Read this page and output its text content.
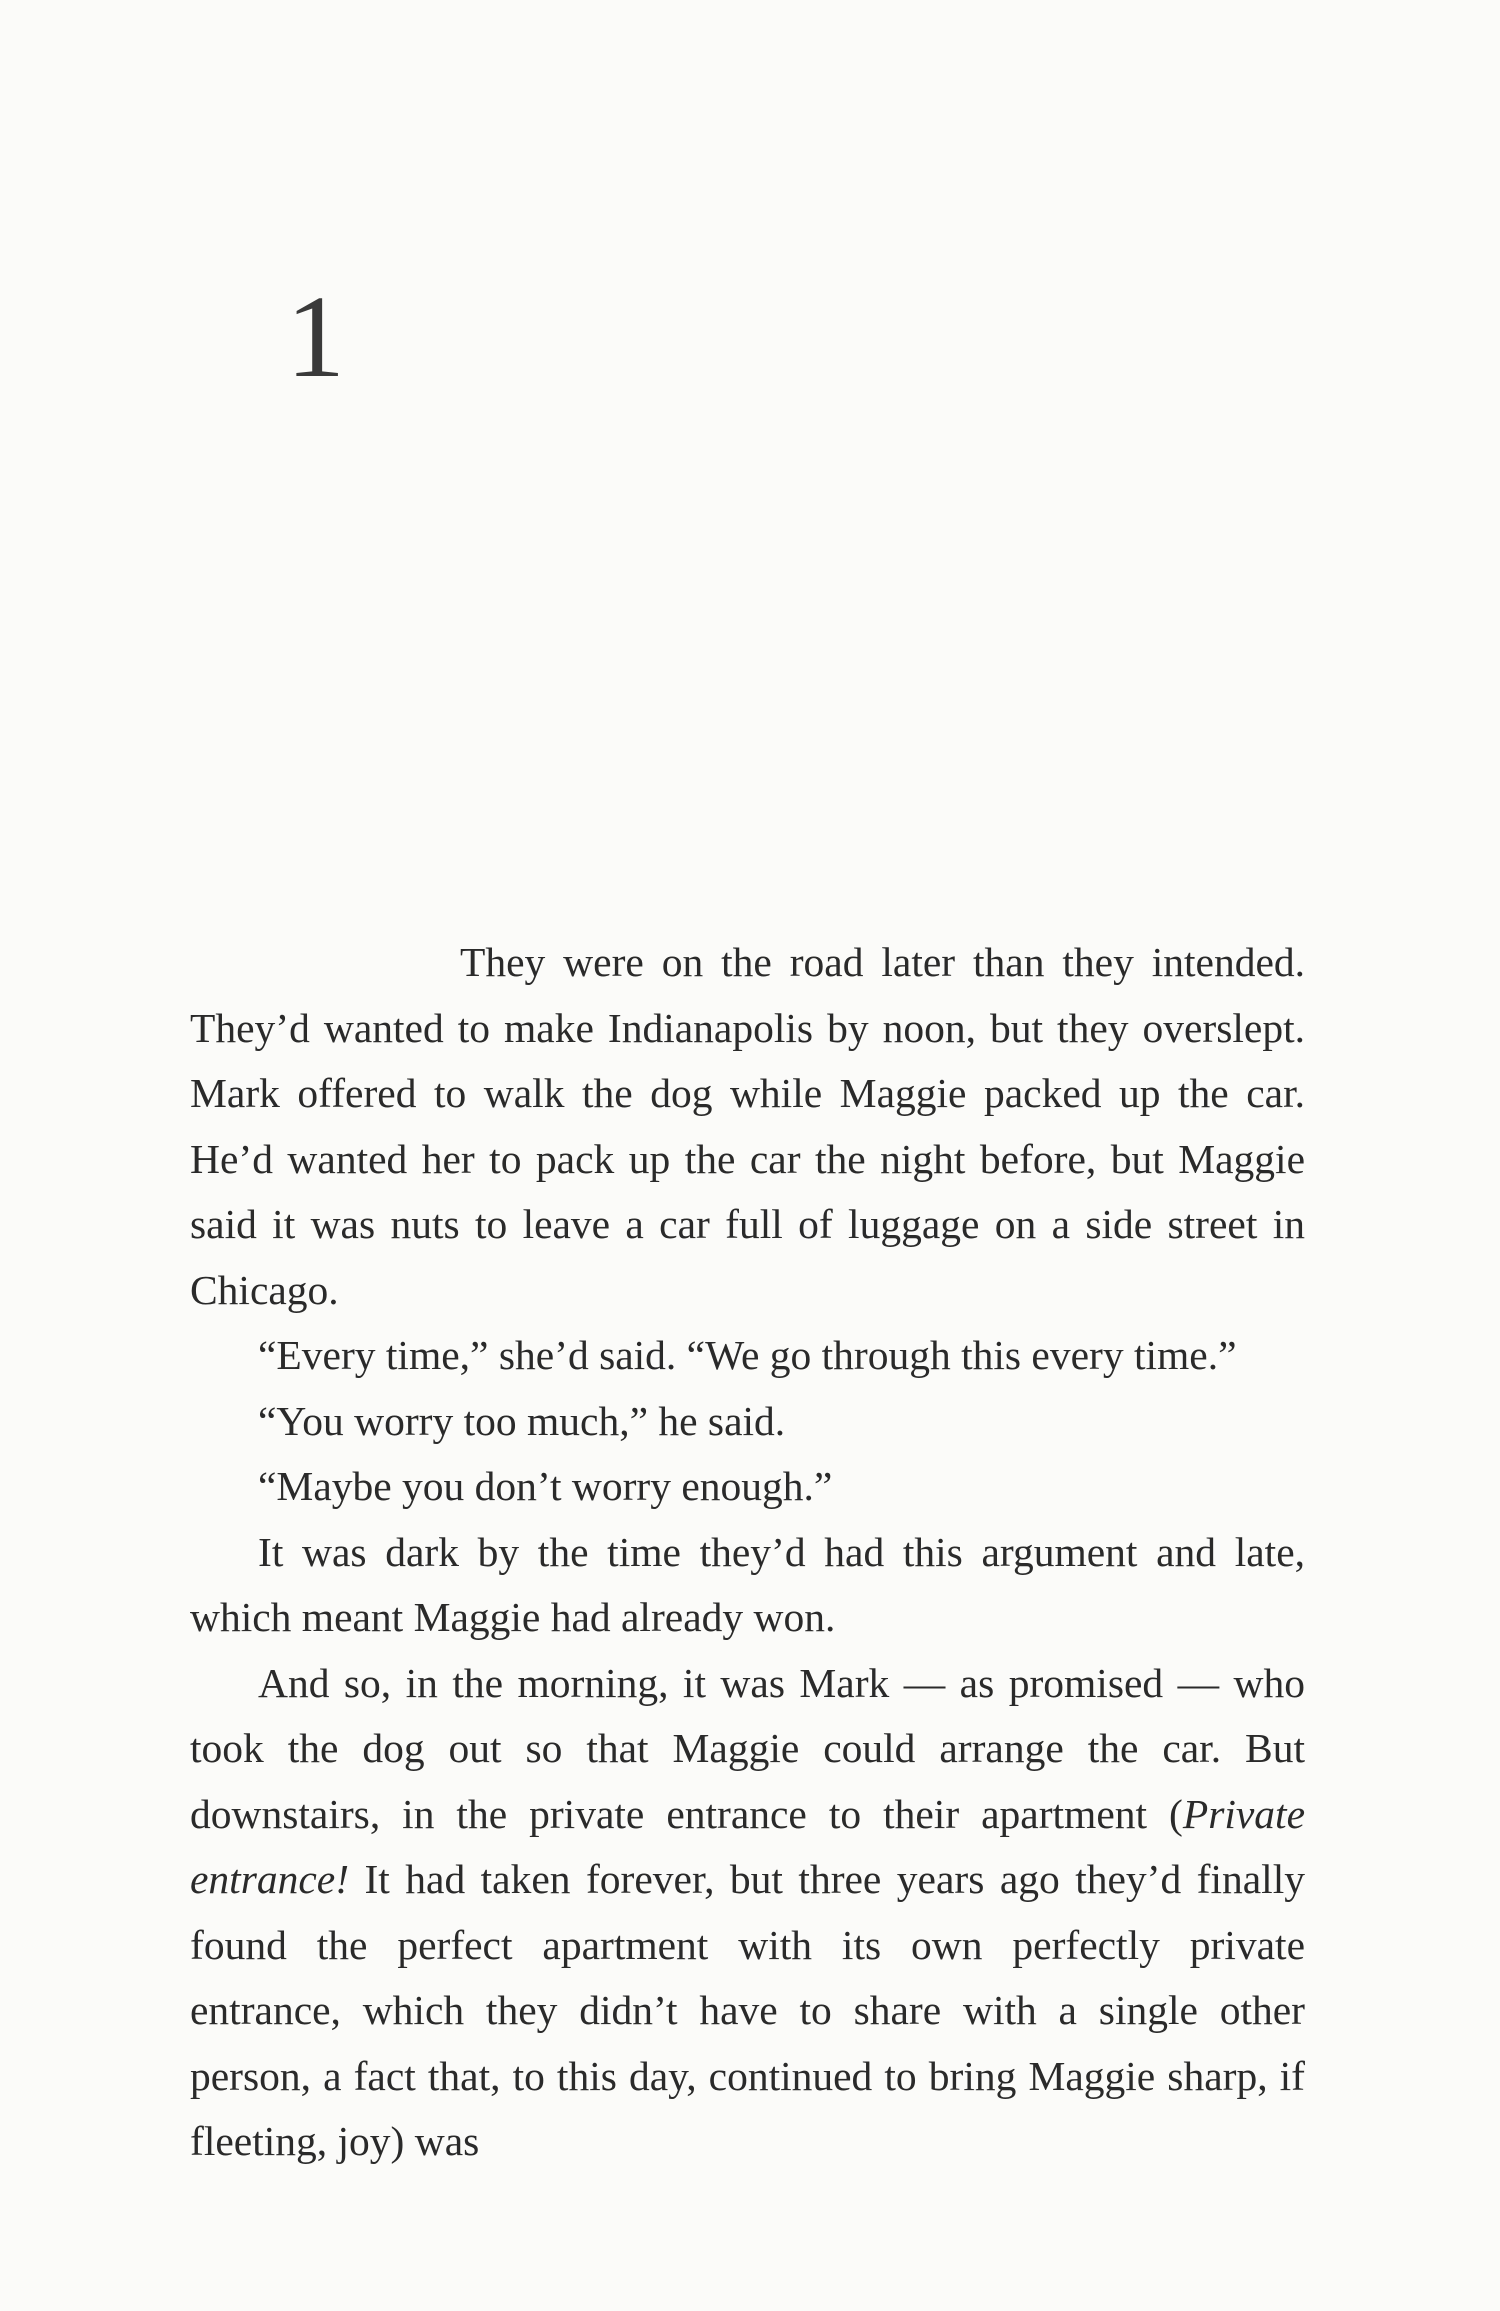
1

They were on the road later than they intended. They’d wanted to make Indianapolis by noon, but they overslept. Mark offered to walk the dog while Maggie packed up the car. He’d wanted her to pack up the car the night before, but Maggie said it was nuts to leave a car full of luggage on a side street in Chicago.

“Every time,” she’d said. “We go through this every time.”

“You worry too much,” he said.

“Maybe you don’t worry enough.”

It was dark by the time they’d had this argument and late, which meant Maggie had already won.

And so, in the morning, it was Mark — as promised — who took the dog out so that Maggie could arrange the car. But downstairs, in the private entrance to their apartment (Private entrance! It had taken forever, but three years ago they’d finally found the perfect apartment with its own perfectly private entrance, which they didn’t have to share with a single other person, a fact that, to this day, continued to bring Maggie sharp, if fleeting, joy) was
